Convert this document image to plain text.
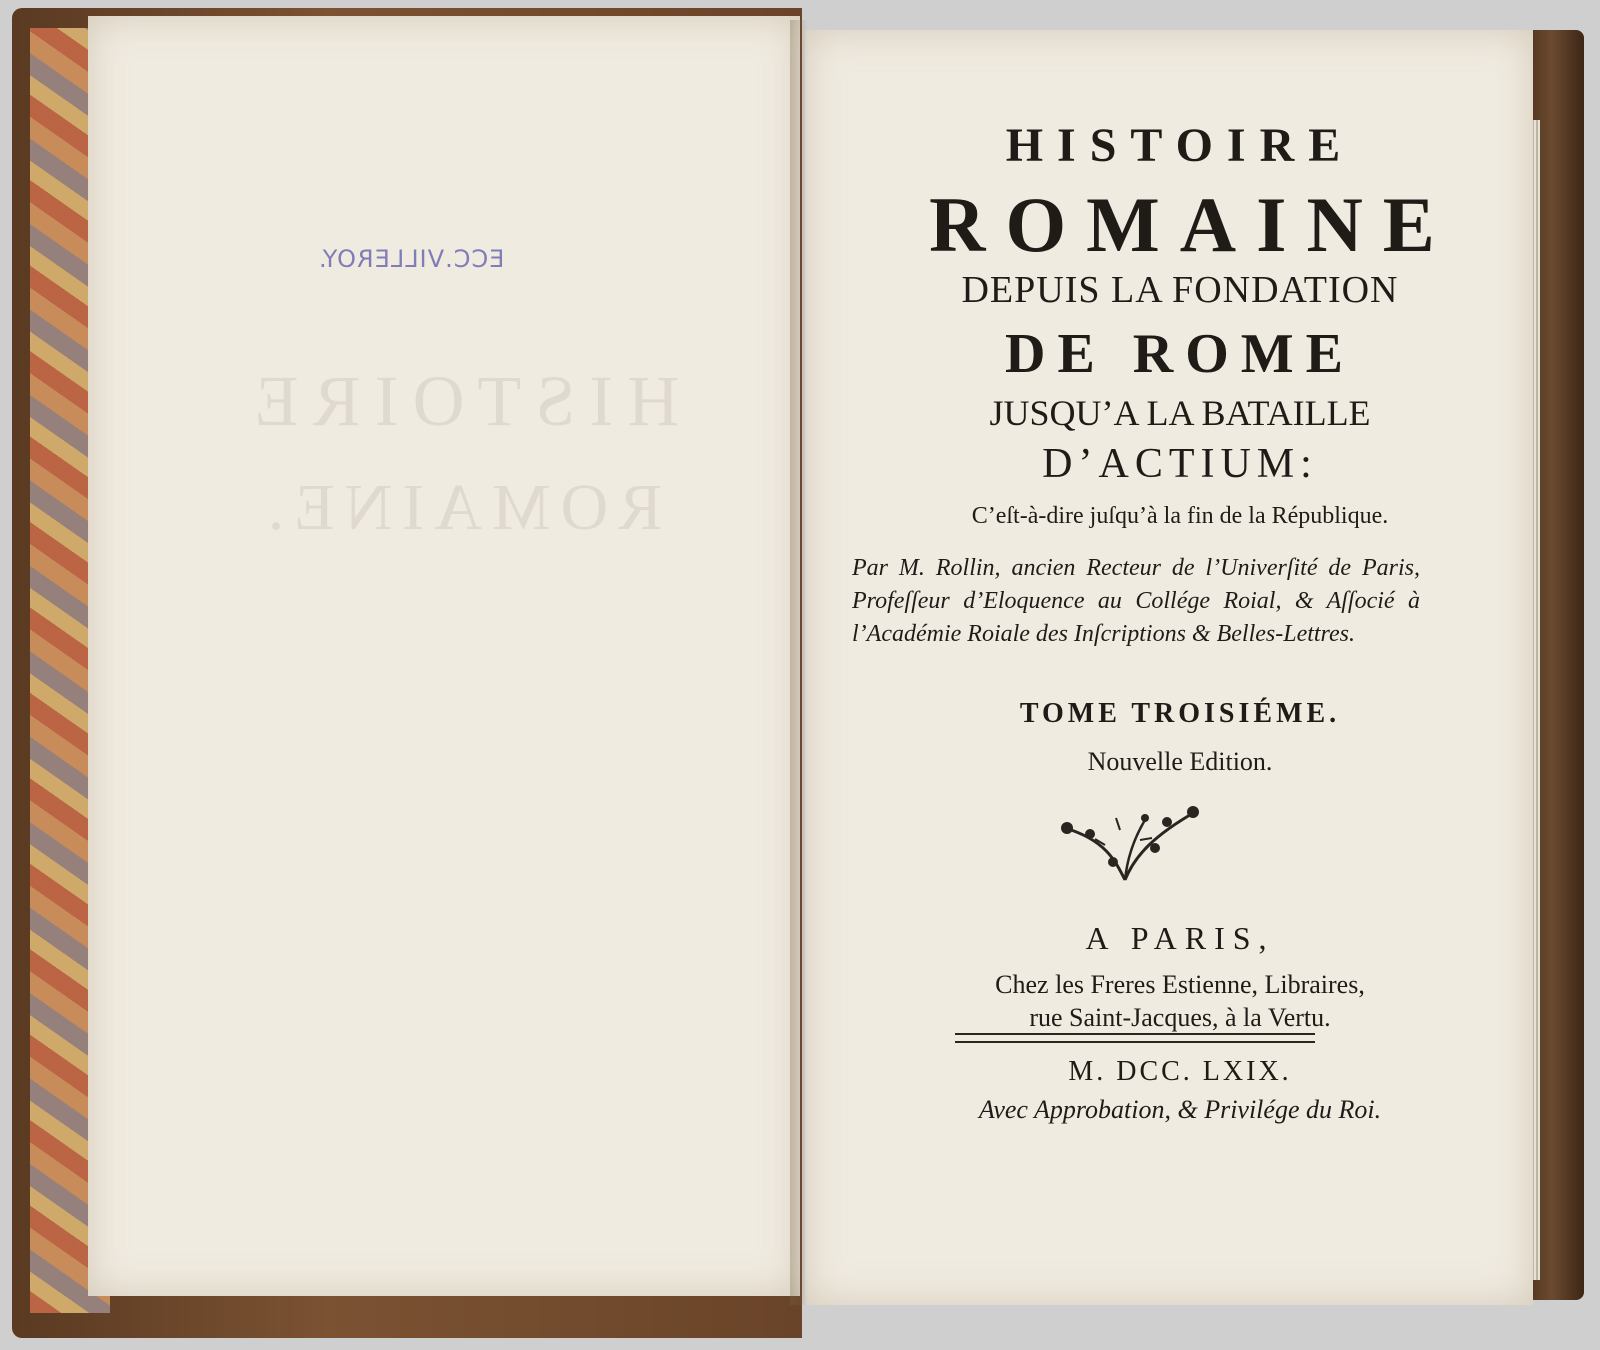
HISTOIRE
ROMAINE.
ECC.VILLEROY.
HISTOIRE
ROMAINE
DEPUIS LA FONDATION
DE ROME
JUSQU’A LA BATAILLE
D’ACTIUM:
C’eſt-à-dire juſqu’à la fin de la République.
Par M. Rollin, ancien Recteur de l’Univerſité de Paris, Profeſſeur d’Eloquence au Collége Roial, & Aſſocié à l’Académie Roiale des Inſcriptions & Belles-Lettres.
TOME TROISIÉME.
Nouvelle Edition.
A PARIS,
Chez les Freres Estienne, Libraires,
rue Saint-Jacques, à la Vertu.
M. DCC. LXIX.
Avec Approbation, & Privilége du Roi.
